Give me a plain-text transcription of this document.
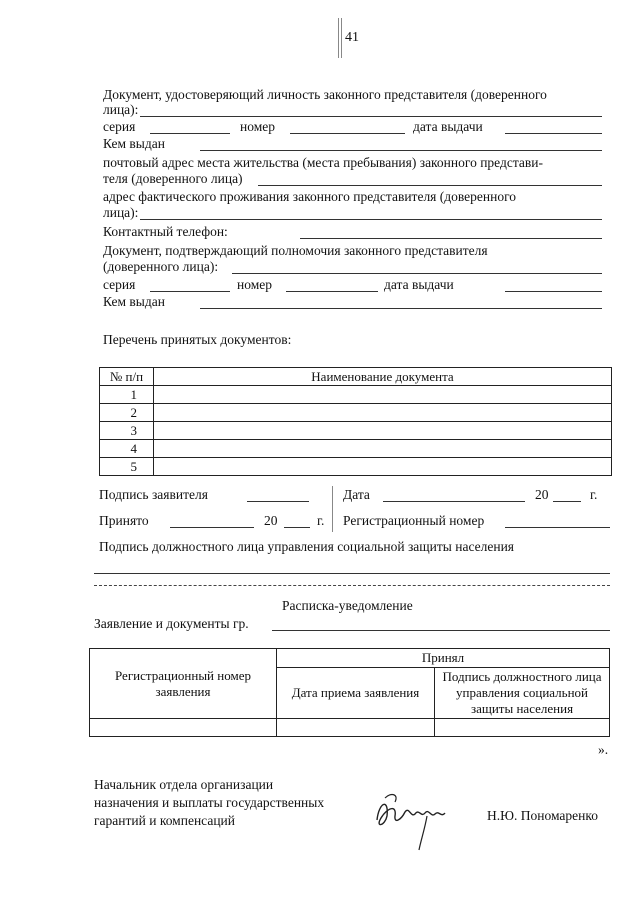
41
Документ, удостоверяющий личность законного представителя (доверенного
лица):
серия	номер	дата выдачи
Кем выдан
почтовый адрес места жительства (места пребывания) законного представи-
теля (доверенного лица)
адрес фактического проживания законного представителя (доверенного
лица):
Контактный телефон:
Документ, подтверждающий полномочия законного представителя
(доверенного лица):
серия	номер	дата выдачи
Кем выдан
Перечень принятых документов:
№ п/п	Наименование документа
1	
2	
3	
4	
5	
Подпись заявителя	Дата	20	г.
Принято	20	г. Регистрационный номер
Подпись должностного лица управления социальной защиты населения
Расписка-уведомление
Заявление и документы гр.
Регистрационный номер заявления	Принял	
	Дата приема заявления	Подпись должностного лица управления социальной защиты населения

».
Начальник отдела организации
назначения и выплаты государственных
гарантий и компенсаций	Н.Ю. Пономаренко
